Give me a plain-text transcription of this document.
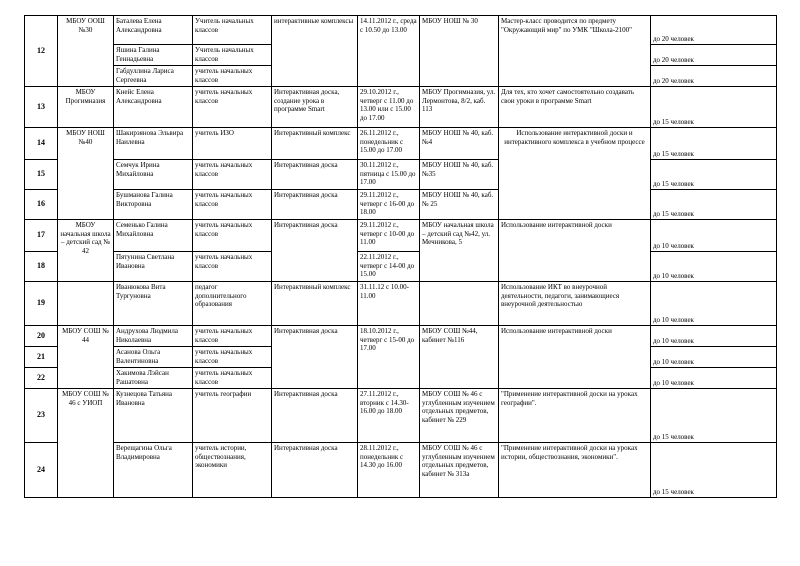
12	МБОУ ООШ №30	Баталева Елена Александровна	Учитель начальных классов	интерактивные комплексы	14.11.2012 г., среда с 10.50 до 13.00	МБОУ НОШ № 30	Мастер-класс проводится по предмету "Окружающий мир" по УМК "Школа-2100"	до 20 человек
		Яшина Галина Геннадьевна	Учитель начальных классов					до 20 человек
		Габдуллина Лариса Сергеевна	учитель начальных классов					до 20 человек
13	МБОУ Прогимназия	Кнейс Елена Александровна	учитель начальных классов	Интерактивная доска, создание урока в программе Smart	29.10.2012 г., четверг с 11.00 до 13.00 или с 15.00 до 17.00	МБОУ Прогимназия, ул. Лермонтова, 8/2, каб. 113	Для тех, кто хочет самостоятельно создавать свои уроки в программе Smart	до 15 человек
14	МБОУ НОШ №40	Шакирзянова Эльвира Наилевна	учитель ИЗО	Интерактивный комплекс	26.11.2012 г., понедельник с 15.00 до 17.00	МБОУ НОШ № 40, каб. №4	Использование интерактивной доски и интерактивного комплекса в учебном процессе	до 15 человек
15		Семчук Ирина Михайловна	учитель начальных классов	Интерактивная доска	30.11.2012 г., пятница с 15.00 до 17.00	МБОУ НОШ № 40, каб. №35		до 15 человек
16		Бушманова Галина Викторовна	учитель начальных классов	Интерактивная доска	29.11.2012 г., четверг с 16-00 до 18.00	МБОУ НОШ № 40, каб. № 25		до 15 человек
17	МБОУ начальная школа – детский сад № 42	Семенько Галина Михайловна	учитель начальных классов	Интерактивная доска	29.11.2012 г., четверг с 10-00 до 11.00	МБОУ начальная школа – детский сад №42, ул. Мечникова, 5	Использование интерактивной доски	до 10 человек
18		Пятунина Светлана Ивановна	учитель начальных классов		22.11.2012 г., четверг с 14-00 до 15.00			до 10 человек
19		Иванюкова Вита Тургуновна	педагог дополнительного образования	Интерактивный комплекс	31.11.12 с 10.00-11.00		Использование ИКТ во внеурочной деятельности, педагоги, занимающиеся внеурочной деятельностью	до 10 человек
20	МБОУ СОШ № 44	Андрухова Людмила Николаевна	учитель начальных классов	Интерактивная доска	18.10.2012 г., четверг с 15-00 до 17.00	МБОУ СОШ №44, кабинет №116	Использование интерактивной доски	до 10 человек
21		Асанова Ольга Валентиновна	учитель начальных классов					до 10 человек
22		Хакимова Лэйсан Рашатовна	учитель начальных классов					до 10 человек
23	МБОУ СОШ № 46 с УИОП	Кузнецова Татьяна Ивановна	учитель географии	Интерактивная доска	27.11.2012 г., вторник с 14.30-16.00 до 18.00	МБОУ СОШ № 46 с углубленным изучением отдельных предметов, кабинет № 229	"Применение интерактивной доски на уроках географии".	до 15 человек
24		Верещагина Ольга Владимировна	учитель истории, обществознания, экономики	Интерактивная доска	28.11.2012 г., понедельник с 14.30 до 16.00	МБОУ СОШ № 46 с углубленным изучением отдельных предметов, кабинет № 313а	"Применение интерактивной доски на уроках истории, обществознания, экономики".	до 15 человек
